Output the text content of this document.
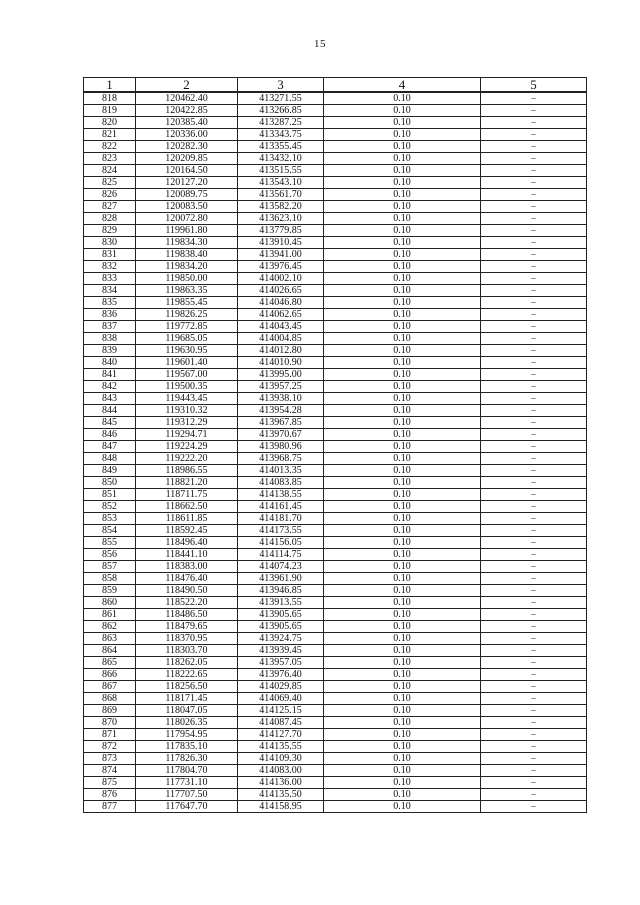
15
1	2	3	4	5
818	120462.40	413271.55	0.10	–
819	120422.85	413266.85	0.10	–
820	120385.40	413287.25	0.10	–
821	120336.00	413343.75	0.10	–
822	120282.30	413355.45	0.10	–
823	120209.85	413432.10	0.10	–
824	120164.50	413515.55	0.10	–
825	120127.20	413543.10	0.10	–
826	120089.75	413561.70	0.10	–
827	120083.50	413582.20	0.10	–
828	120072.80	413623.10	0.10	–
829	119961.80	413779.85	0.10	–
830	119834.30	413910.45	0.10	–
831	119838.40	413941.00	0.10	–
832	119834.20	413976.45	0.10	–
833	119850.00	414002.10	0.10	–
834	119863.35	414026.65	0.10	–
835	119855.45	414046.80	0.10	–
836	119826.25	414062.65	0.10	–
837	119772.85	414043.45	0.10	–
838	119685.05	414004.85	0.10	–
839	119630.95	414012.80	0.10	–
840	119601.40	414010.90	0.10	–
841	119567.00	413995.00	0.10	–
842	119500.35	413957.25	0.10	–
843	119443.45	413938.10	0.10	–
844	119310.32	413954.28	0.10	–
845	119312.29	413967.85	0.10	–
846	119294.71	413970.67	0.10	–
847	119224.29	413980.96	0.10	–
848	119222.20	413968.75	0.10	–
849	118986.55	414013.35	0.10	–
850	118821.20	414083.85	0.10	–
851	118711.75	414138.55	0.10	–
852	118662.50	414161.45	0.10	–
853	118611.85	414181.70	0.10	–
854	118592.45	414173.55	0.10	–
855	118496.40	414156.05	0.10	–
856	118441.10	414114.75	0.10	–
857	118383.00	414074.23	0.10	–
858	118476.40	413961.90	0.10	–
859	118490.50	413946.85	0.10	–
860	118522.20	413913.55	0.10	–
861	118486.50	413905.65	0.10	–
862	118479.65	413905.65	0.10	–
863	118370.95	413924.75	0.10	–
864	118303.70	413939.45	0.10	–
865	118262.05	413957.05	0.10	–
866	118222.65	413976.40	0.10	–
867	118256.50	414029.85	0.10	–
868	118171.45	414069.40	0.10	–
869	118047.05	414125.15	0.10	–
870	118026.35	414087.45	0.10	–
871	117954.95	414127.70	0.10	–
872	117835.10	414135.55	0.10	–
873	117826.30	414109.30	0.10	–
874	117804.70	414083.00	0.10	–
875	117731.10	414136.00	0.10	–
876	117707.50	414135.50	0.10	–
877	117647.70	414158.95	0.10	–
